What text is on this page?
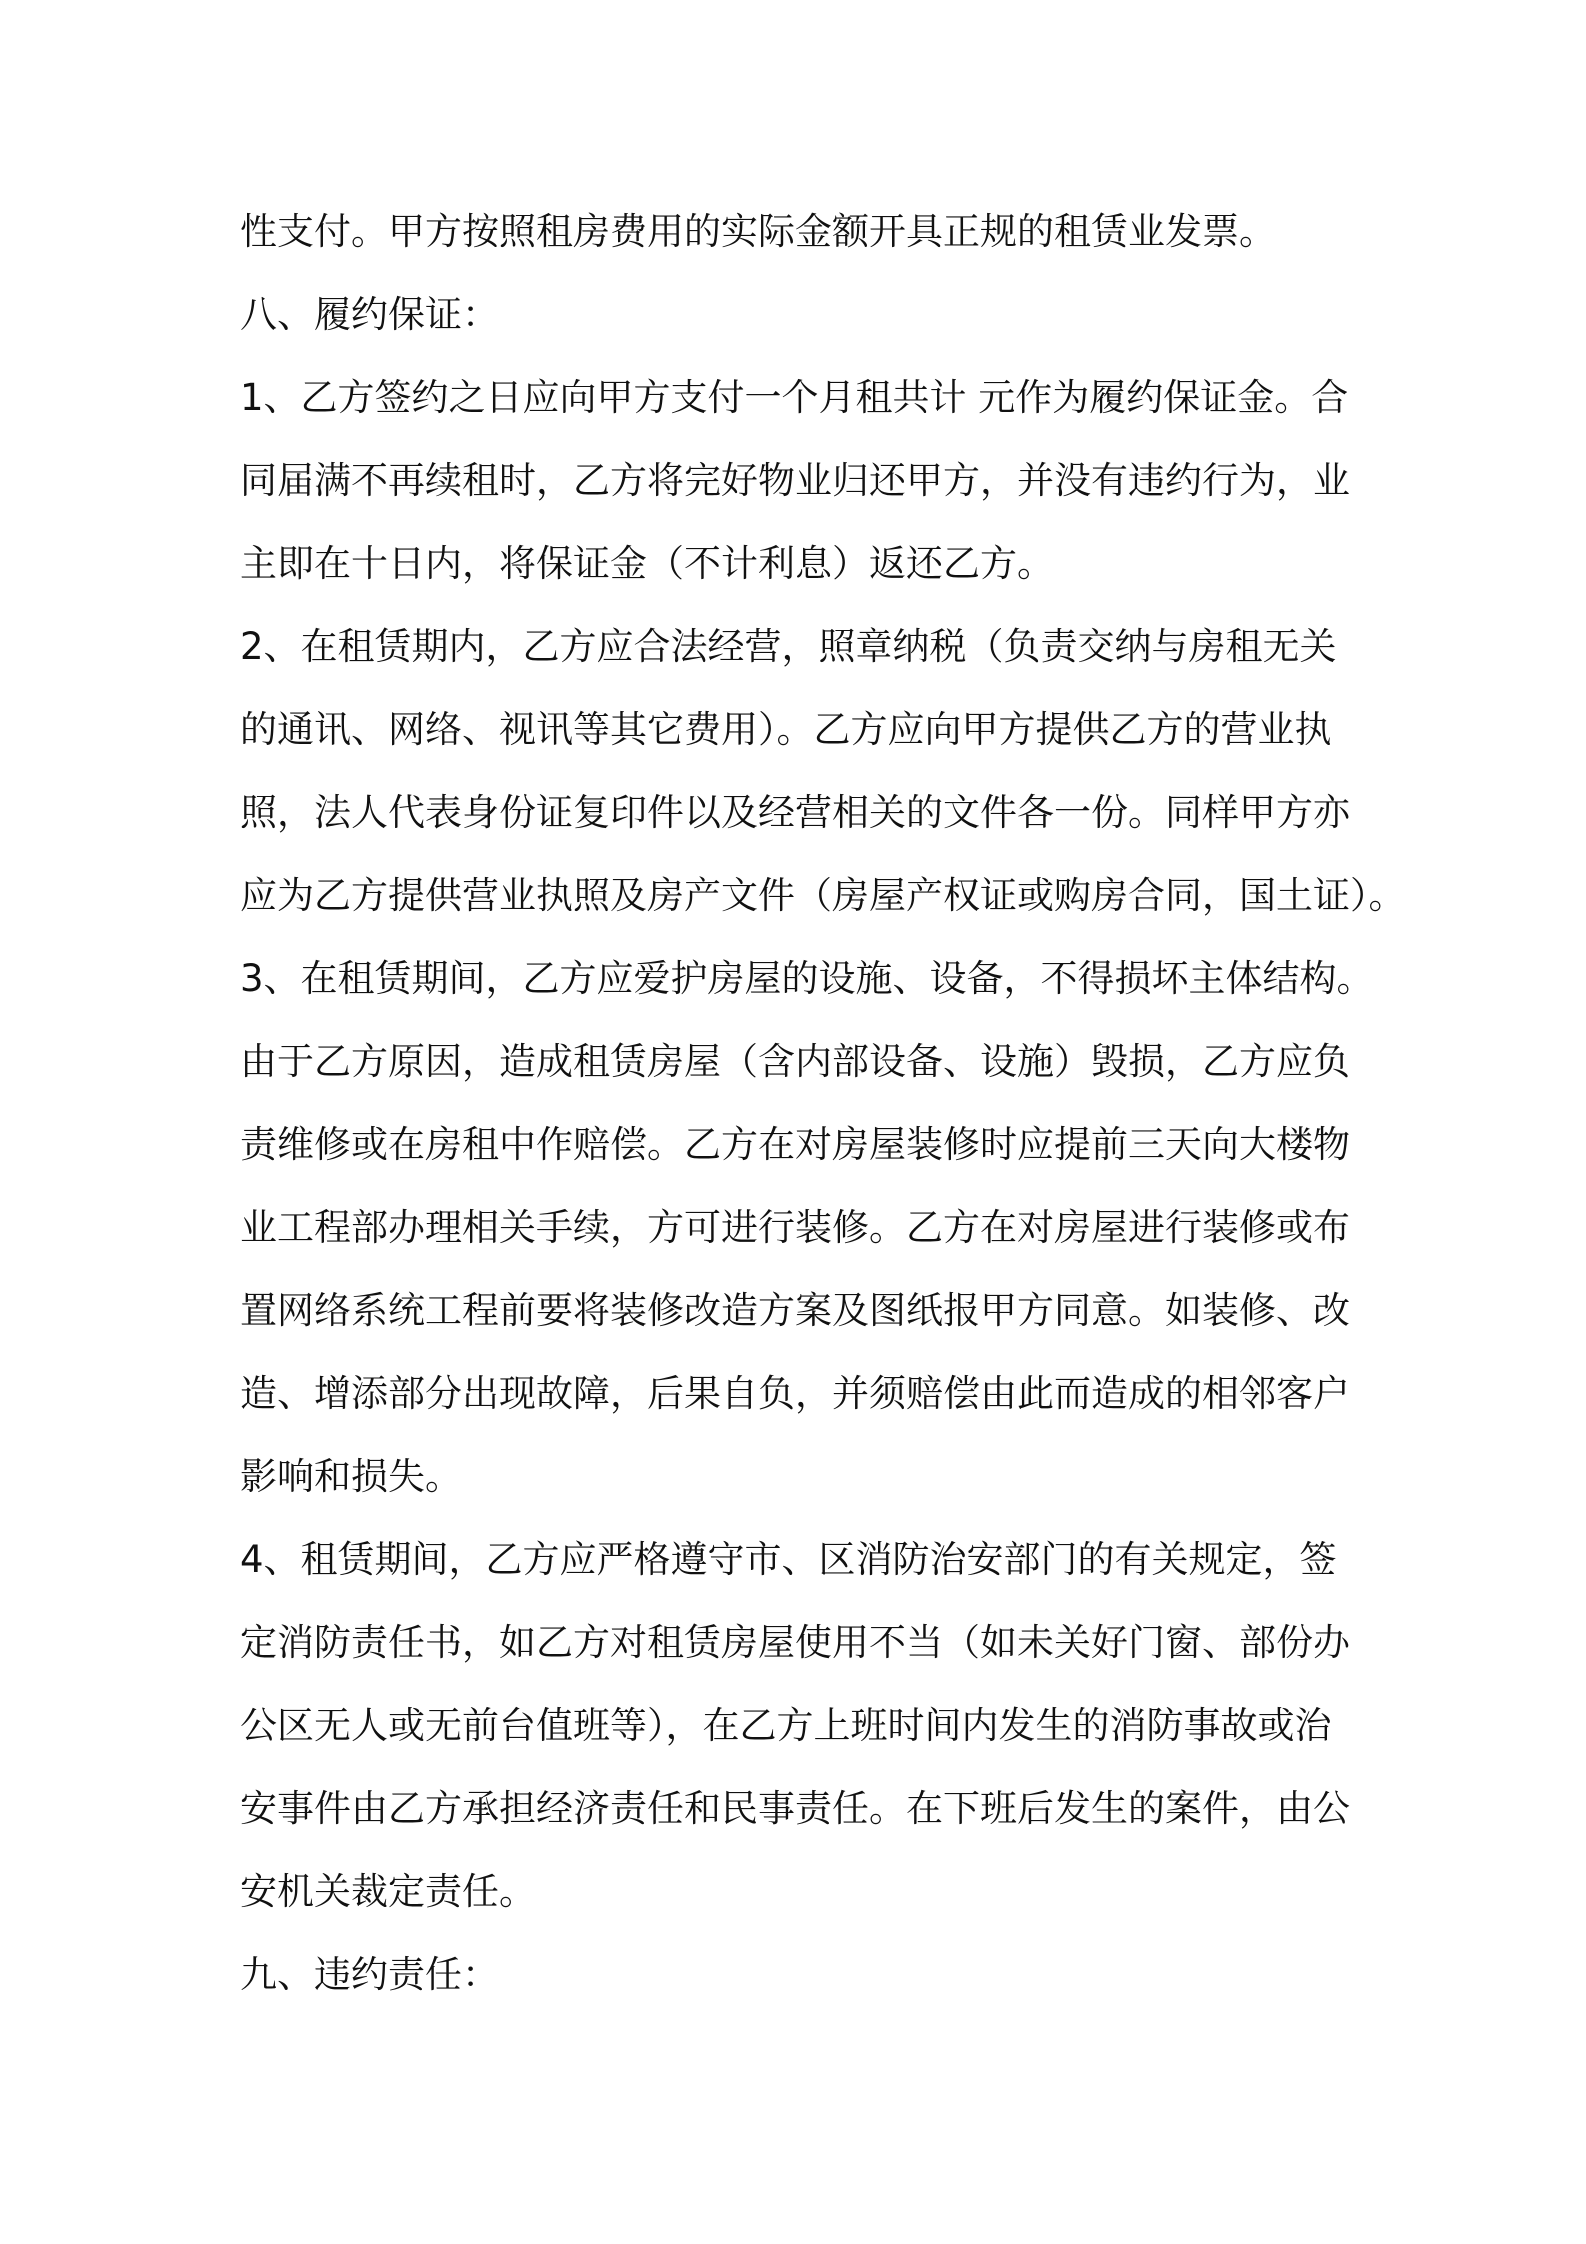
性支付。甲方按照租房费用的实际金额开具正规的租赁业发票。
八、履约保证：
1、乙方签约之日应向甲方支付一个月租共计 元作为履约保证金。合
同届满不再续租时，乙方将完好物业归还甲方，并没有违约行为，业
主即在十日内，将保证金（不计利息）返还乙方。
2、在租赁期内，乙方应合法经营，照章纳税（负责交纳与房租无关
的通讯、网络、视讯等其它费用）。乙方应向甲方提供乙方的营业执
照，法人代表身份证复印件以及经营相关的文件各一份。同样甲方亦
应为乙方提供营业执照及房产文件（房屋产权证或购房合同，国土证）。
3、在租赁期间，乙方应爱护房屋的设施、设备，不得损坏主体结构。
由于乙方原因，造成租赁房屋（含内部设备、设施）毁损，乙方应负
责维修或在房租中作赔偿。乙方在对房屋装修时应提前三天向大楼物
业工程部办理相关手续，方可进行装修。乙方在对房屋进行装修或布
置网络系统工程前要将装修改造方案及图纸报甲方同意。如装修、改
造、增添部分出现故障，后果自负，并须赔偿由此而造成的相邻客户
影响和损失。
4、租赁期间，乙方应严格遵守市、区消防治安部门的有关规定，签
定消防责任书，如乙方对租赁房屋使用不当（如未关好门窗、部份办
公区无人或无前台值班等），在乙方上班时间内发生的消防事故或治
安事件由乙方承担经济责任和民事责任。在下班后发生的案件，由公
安机关裁定责任。
九、违约责任：
